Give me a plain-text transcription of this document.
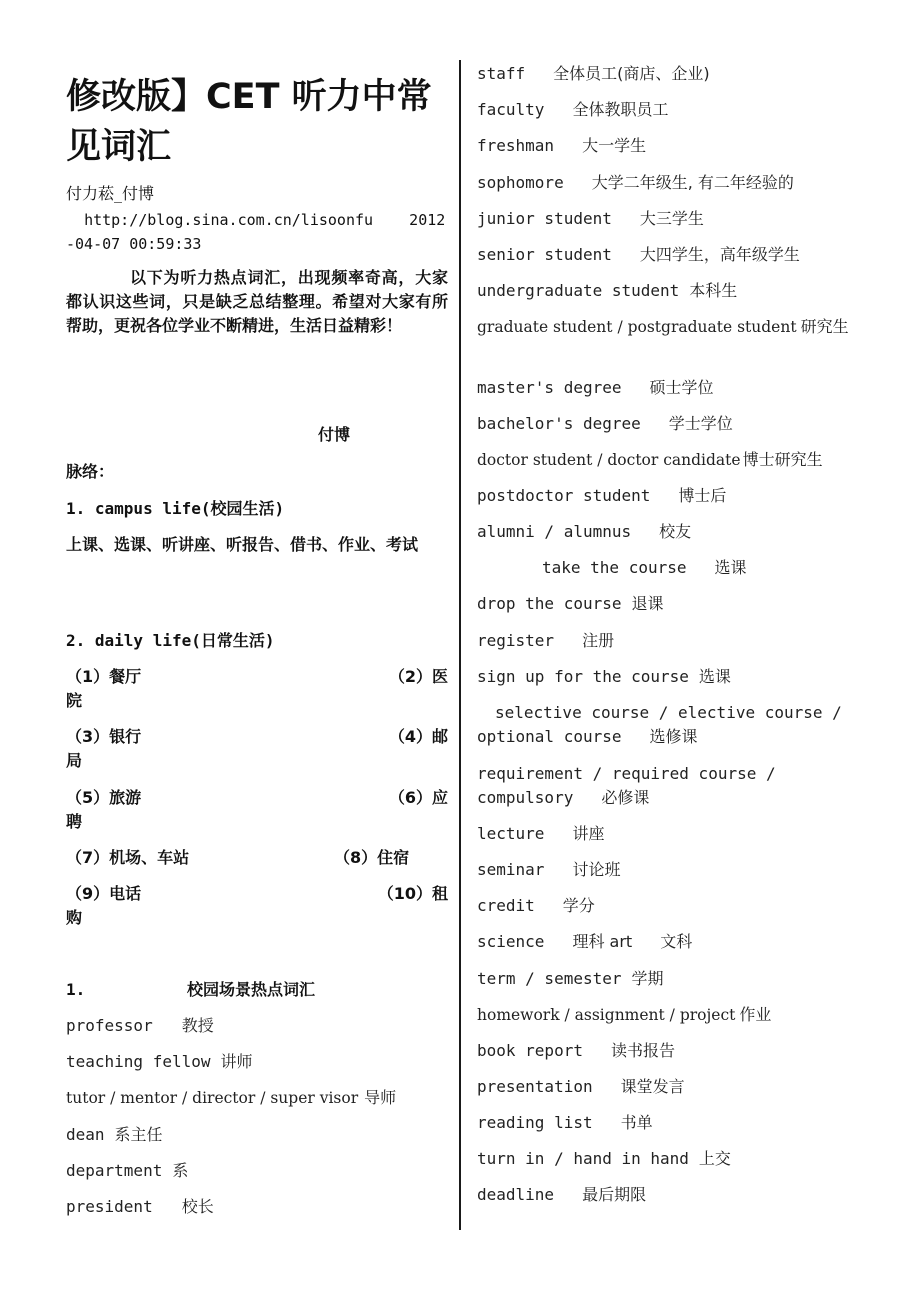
修改版】CET 听力中常见词汇
付力菘_付博
http://blog.sina.com.cn/lisoonfu    2012-04-07 00:59:33
以下为听力热点词汇，出现频率奇高，大家都认识这些词，只是缺乏总结整理。希望对大家有所帮助，更祝各位学业不断精进，生活日益精彩！
付博
脉络：
1. campus life(校园生活)
上课、选课、听讲座、听报告、借书、作业、考试
2. daily life(日常生活)
（1）餐厅	（2）医
院
（3）银行	（4）邮
局
（5）旅游	（6）应
聘
（7）机场、车站	（8）住宿
（9）电话	（10）租
购
1.	校园场景热点词汇
professor 教授
teaching fellow 讲师
tutor / mentor / director / super visor 导师
dean 系主任
department 系
president 校长
staff 全体员工(商店、企业)
faculty 全体教职员工
freshman 大一学生
sophomore 大学二年级生, 有二年经验的
junior student 大三学生
senior student 大四学生，高年级学生
undergraduate student 本科生
graduate student / postgraduate student 研究生
master's degree 硕士学位
bachelor's degree 学士学位
doctor student / doctor candidate 博士研究生
postdoctor student 博士后
alumni / alumnus 校友
take the course 选课
drop the course 退课
register 注册
sign up for the course 选课
selective course / elective course / optional course 选修课
requirement / required course / compulsory 必修课
lecture 讲座
seminar 讨论班
credit 学分
science 理科 art 文科
term / semester 学期
homework / assignment / project 作业
book report 读书报告
presentation 课堂发言
reading list 书单
turn in / hand in hand 上交
deadline 最后期限
